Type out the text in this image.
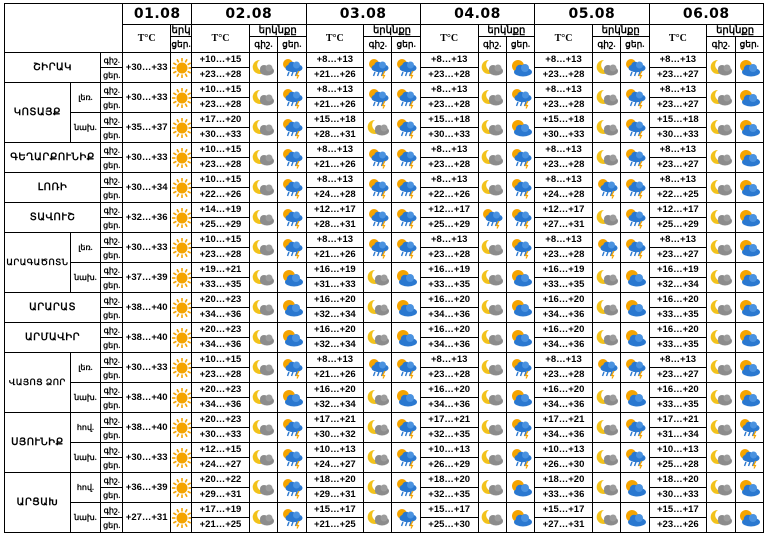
			01.08		02.08			03.08			04.08			05.08			06.08		
			T°C	երկ	T°C	երկնքը		T°C	երկնքը		T°C	երկնքը		T°C	երկնքը		T°C	երկնքը	
				ցեր.		գիշ.	ցեր.		գիշ.	ցեր.		գիշ.	ցեր.		գիշ.	ցեր.		գիշ.	ցեր.
ՇԻՐԱԿ		գիշ.	+30…+33		+10…+15			+8…+13			+8…+13			+8…+13			+8…+13	

		ցեր.			+23…+28			+21…+26			+23…+28			+23…+28			+23…+27		
ԿՈՏԱՅՔ	լեռ.	գիշ.	+30…+33		+10…+15			+8…+13			+8…+13			+8…+13			+8…+13	

		ցեր.			+23…+28			+21…+26			+23…+28			+23…+28			+23…+27		
	նախ.	գիշ.	+35…+37		+17…+20			+15…+18			+15…+18			+15…+18			+15…+18	

		ցեր.			+30…+33			+28…+31			+30…+33			+30…+33			+30…+33		
ԳԵՂԱՐՔՈՒՆԻՔ		գիշ.	+30…+33		+10…+15			+8…+13			+8…+13			+8…+13			+8…+13	

		ցեր.			+23…+28			+21…+26			+23…+28			+23…+28			+23…+27		
ԼՈՌԻ		գիշ.	+30…+34		+10…+15			+8…+13			+8…+13			+8…+13			+8…+13	

		ցեր.			+22…+26			+24…+28			+22…+26			+24…+28			+22…+25		
ՏԱՎՈՒՇ		գիշ.	+32…+36		+14…+19			+12…+17			+12…+17			+12…+17			+12…+17	

		ցեր.			+25…+29			+28…+31			+25…+29			+27…+31			+25…+29		
ԱՐԱԳԱԾՈՏՆ	լեռ.	գիշ.	+30…+33		+10…+15			+8…+13			+8…+13			+8…+13			+8…+13	

		ցեր.			+23…+28			+21…+26			+23…+28			+23…+28			+23…+27		
	նախ.	գիշ.	+37…+39		+19…+21			+16…+19			+16…+19			+16…+19			+16…+19	

		ցեր.			+33…+35			+31…+33			+33…+35			+33…+35			+32…+34		
ԱՐԱՐԱՏ		գիշ.	+38…+40		+20…+23			+16…+20			+16…+20			+16…+20			+16…+20	

		ցեր.			+34…+36			+32…+34			+34…+36			+34…+36			+33…+35		
ԱՐՄԱՎԻՐ		գիշ.	+38…+40		+20…+23			+16…+20			+16…+20			+16…+20			+16…+20	

		ցեր.			+34…+36			+32…+34			+34…+36			+34…+36			+33…+35		
ՎԱՅՈՑ ՁՈՐ	լեռ.	գիշ.	+30…+33		+10…+15			+8…+13			+8…+13			+8…+13			+8…+13	

		ցեր.			+23…+28			+21…+26			+23…+28			+23…+28			+23…+27		
	նախ.	գիշ.	+38…+40		+20…+23			+16…+20			+16…+20			+16…+20			+16…+20	

		ցեր.			+34…+36			+32…+34			+34…+36			+34…+36			+33…+35		
ՍՅՈՒՆԻՔ	հով.	գիշ.	+38…+40		+20…+23			+17…+21			+17…+21			+17…+21			+17…+21	

		ցեր.			+30…+33			+30…+32			+32…+35			+34…+36			+31…+34		
	նախ.	գիշ.	+30…+33		+12…+15			+10…+13			+10…+13			+10…+13			+10…+13	

		ցեր.			+24…+27			+24…+27			+26…+29			+26…+30			+25…+28		
ԱՐՑԱԽ	հով.	գիշ.	+36…+39		+20…+22			+18…+20			+18…+20			+18…+20			+18…+20	

		ցեր.			+29…+31			+29…+31			+32…+35			+33…+36			+30…+33		
	նախ.	գիշ.	+27…+31		+17…+19			+15…+17			+15…+17			+15…+17			+15…+17	

		ցեր.			+21…+25			+21…+25			+25…+30			+27…+31			+23…+26		
